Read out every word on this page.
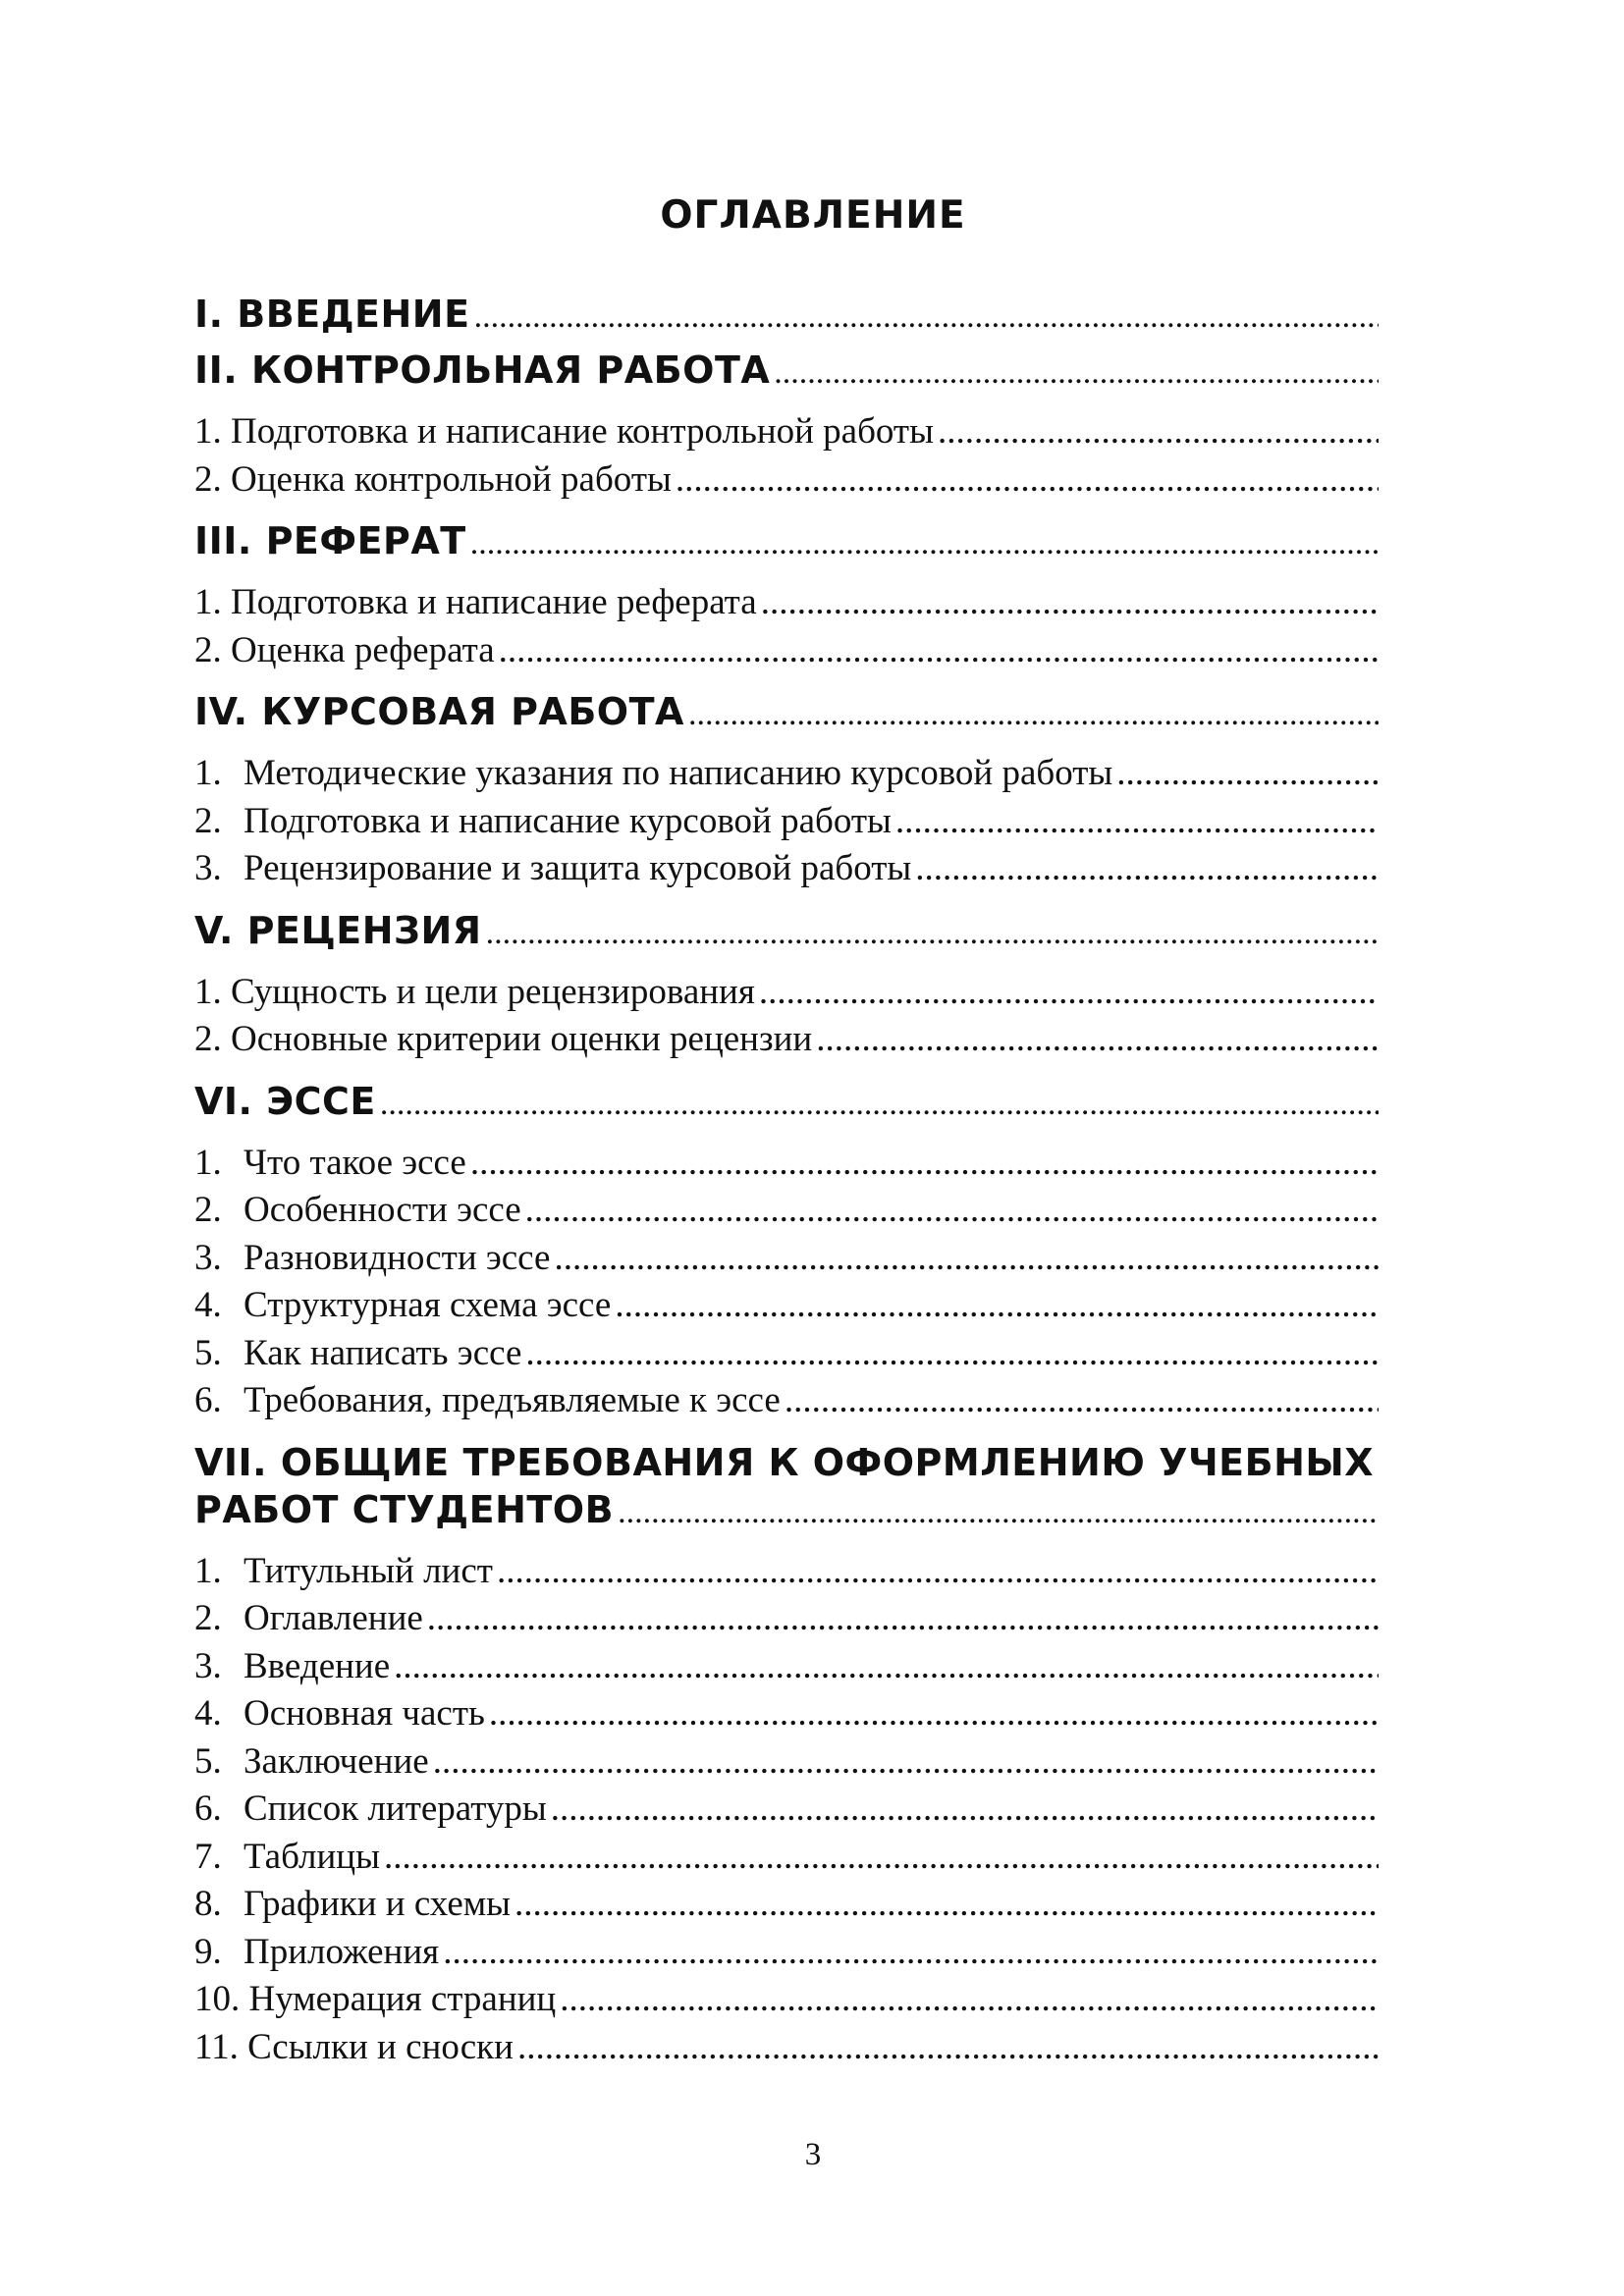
ОГЛАВЛЕНИЕ
I. ВВЕДЕНИЕ
.....
II. КОНТРОЛЬНАЯ РАБОТА
.....
1. Подготовка и написание контрольной работы
.....
2. Оценка контрольной работы
.....
III. РЕФЕРАТ
.....
1. Подготовка и написание реферата
.....
2. Оценка реферата
.....
IV. КУРСОВАЯ РАБОТА
.....
1. Методические указания по написанию курсовой работы
.....
2. Подготовка и написание курсовой работы
.....
3. Рецензирование и защита курсовой работы
.....
V. РЕЦЕНЗИЯ
.....
1. Сущность и цели рецензирования
.....
2. Основные критерии оценки рецензии
.....
VI. ЭССЕ
.....
1. Что такое эссе
.....
2. Особенности эссе
.....
3. Разновидности эссе
.....
4. Структурная схема эссе
.....
5. Как написать эссе
.....
6. Требования, предъявляемые к эссе
.....
VII. ОБЩИЕ ТРЕБОВАНИЯ К ОФОРМЛЕНИЮ УЧЕБНЫХ
РАБОТ СТУДЕНТОВ
.....
1. Титульный лист
.....
2. Оглавление
.....
3. Введение
.....
4. Основная часть
.....
5. Заключение
.....
6. Список литературы
.....
7. Таблицы
.....
8. Графики и схемы
.....
9. Приложения
.....
10. Нумерация страниц
.....
11. Ссылки и сноски
.....
3
